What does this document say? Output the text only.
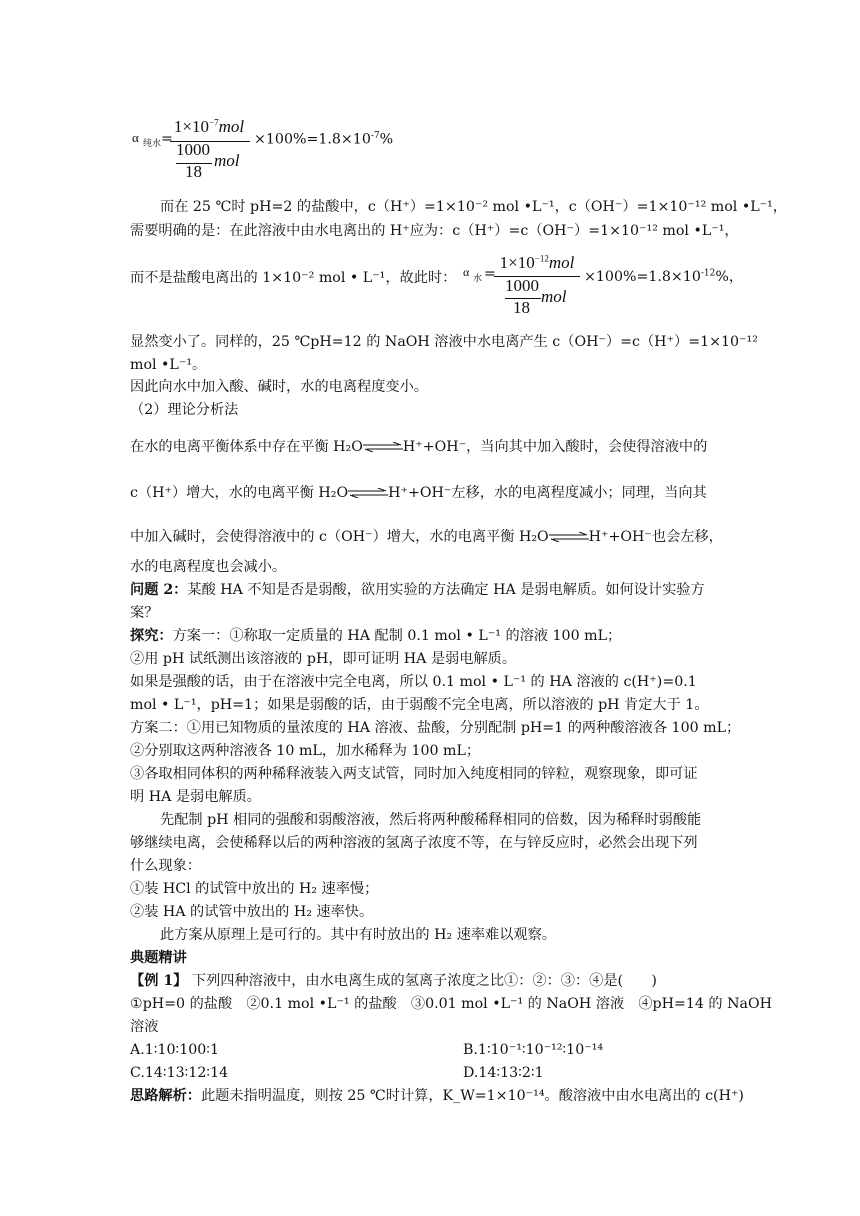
α 纯水 =
$1\times 10^{-7}mol$
1000
18
mol
$\times 100\%=1.8\times 10^{-7}\%$
而在 25 ℃时 pH=2 的盐酸中，c（H⁺）=1×10⁻² mol •L⁻¹，c（OH⁻）=1×10⁻¹² mol •L⁻¹，
需要明确的是：在此溶液中由水电离出的 H⁺应为：c（H⁺）=c（OH⁻）=1×10⁻¹² mol •L⁻¹，
而不是盐酸电离出的 1×10⁻² mol • L⁻¹，故此时： α 水 =
$1\times 10^{-12}mol$
1000
18
mol
$\times 100\%=1.8\times 10^{-12}\%$，
显然变小了。同样的，25 ℃pH=12 的 NaOH 溶液中水电离产生 c（OH⁻）=c（H⁺）=1×10⁻¹²
mol •L⁻¹。
因此向水中加入酸、碱时，水的电离程度变小。
（2）理论分析法
在水的电离平衡体系中存在平衡 H₂O⇌H⁺+OH⁻，当向其中加入酸时，会使得溶液中的
c（H⁺）增大，水的电离平衡 H₂O⇌H⁺+OH⁻左移，水的电离程度减小；同理，当向其
中加入碱时，会使得溶液中的 c（OH⁻）增大，水的电离平衡 H₂O⇌H⁺+OH⁻也会左移，
水的电离程度也会减小。
问题 2：某酸 HA 不知是否是弱酸，欲用实验的方法确定 HA 是弱电解质。如何设计实验方
案？
探究：方案一：①称取一定质量的 HA 配制 0.1 mol • L⁻¹ 的溶液 100 mL；
②用 pH 试纸测出该溶液的 pH，即可证明 HA 是弱电解质。
如果是强酸的话，由于在溶液中完全电离，所以 0.1 mol • L⁻¹ 的 HA 溶液的 c(H⁺)=0.1
mol • L⁻¹，pH=1；如果是弱酸的话，由于弱酸不完全电离，所以溶液的 pH 肯定大于 1。
方案二：①用已知物质的量浓度的 HA 溶液、盐酸，分别配制 pH=1 的两种酸溶液各 100 mL；
②分别取这两种溶液各 10 mL，加水稀释为 100 mL；
③各取相同体积的两种稀释液装入两支试管，同时加入纯度相同的锌粒，观察现象，即可证
明 HA 是弱电解质。
先配制 pH 相同的强酸和弱酸溶液，然后将两种酸稀释相同的倍数，因为稀释时弱酸能
够继续电离，会使稀释以后的两种溶液的氢离子浓度不等，在与锌反应时，必然会出现下列
什么现象：
①装 HCl 的试管中放出的 H₂ 速率慢；
②装 HA 的试管中放出的 H₂ 速率快。
此方案从原理上是可行的。其中有时放出的 H₂ 速率难以观察。
典题精讲
【例 1】 下列四种溶液中，由水电离生成的氢离子浓度之比①：②：③：④是(　　)
①pH=0 的盐酸　②0.1 mol •L⁻¹ 的盐酸　③0.01 mol •L⁻¹ 的 NaOH 溶液　④pH=14 的 NaOH
溶液
A.1∶10∶100∶1	B.1∶10⁻¹∶10⁻¹²∶10⁻¹⁴
C.14∶13∶12∶14	D.14∶13∶2∶1
思路解析：此题未指明温度，则按 25 ℃时计算，K_W=1×10⁻¹⁴。酸溶液中由水电离出的 c(H⁺)
